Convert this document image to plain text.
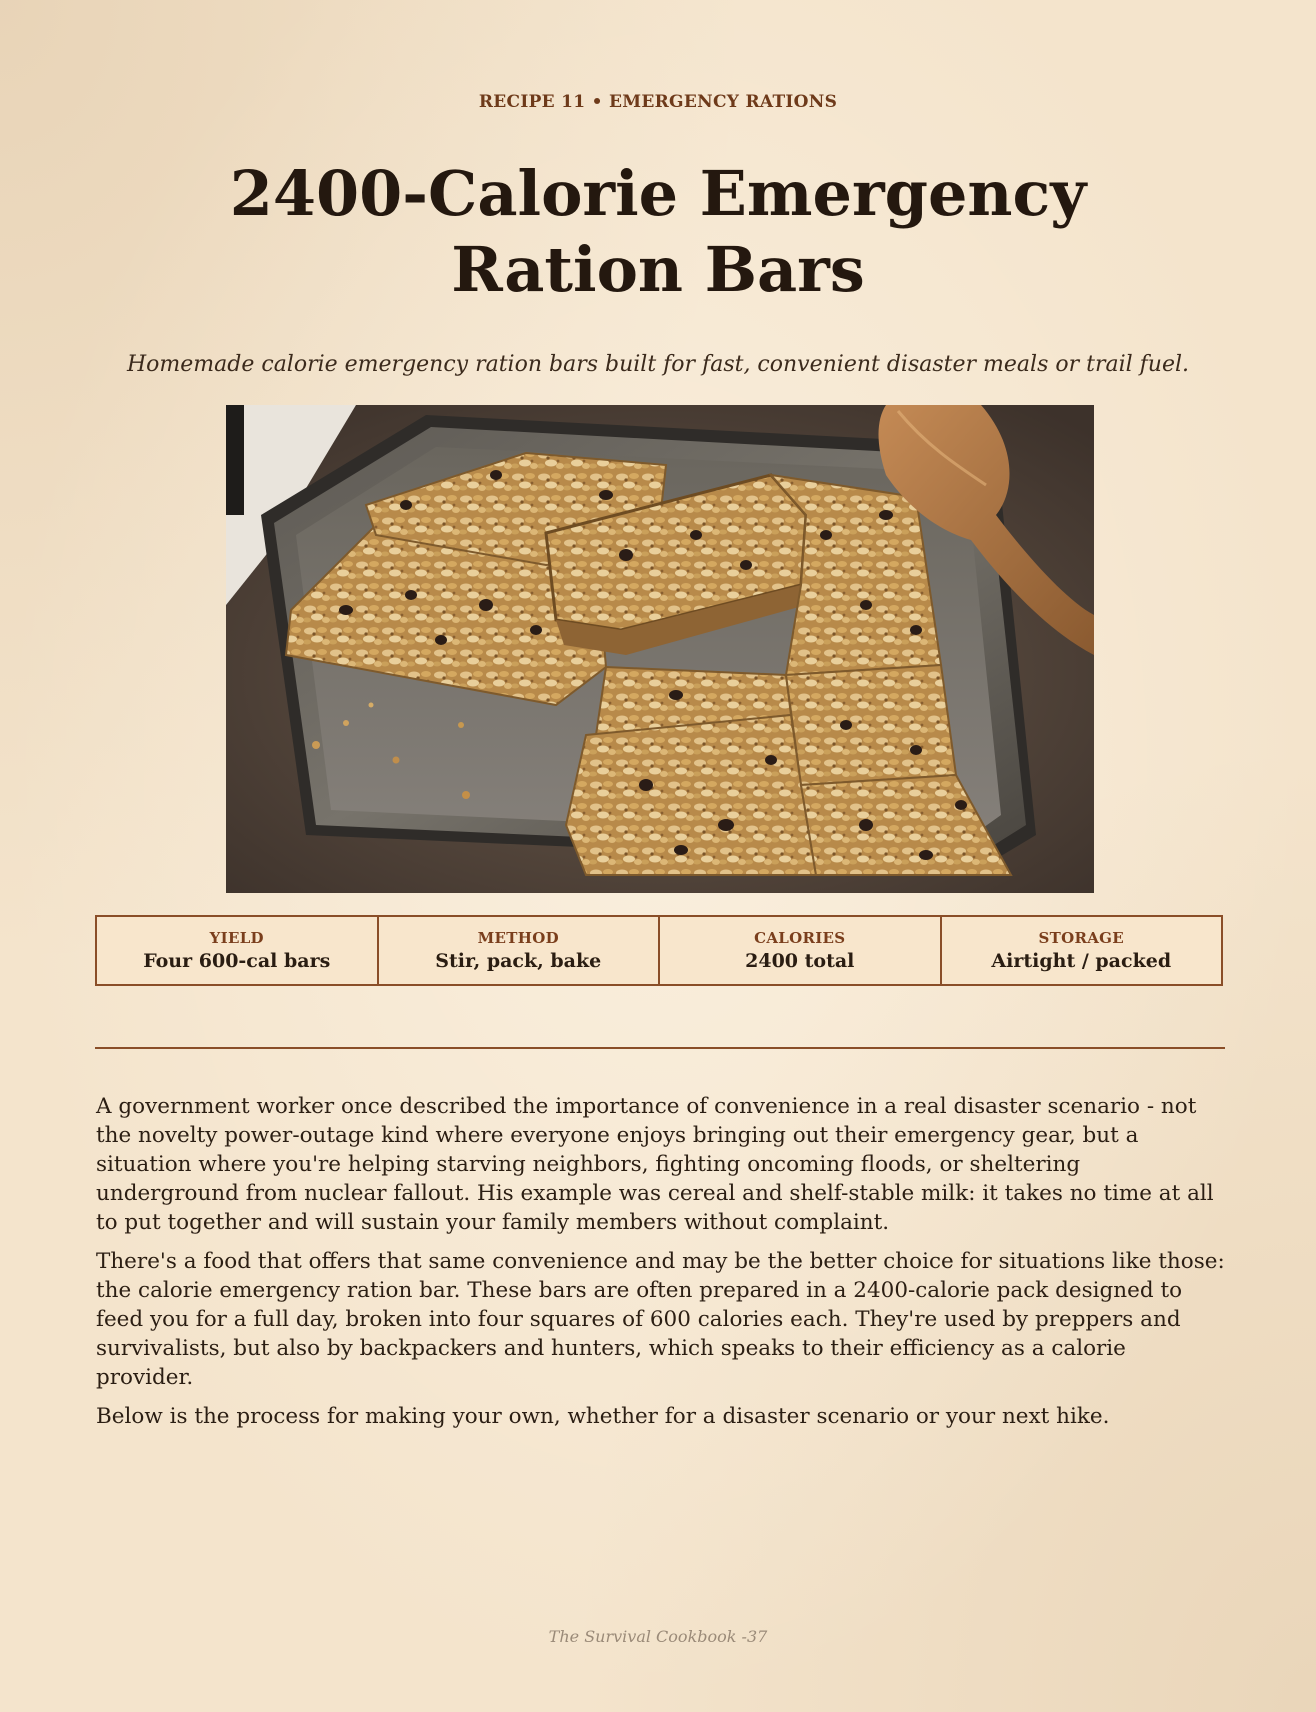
RECIPE 11 • EMERGENCY RATIONS
2400-Calorie Emergency Ration Bars
Homemade calorie emergency ration bars built for fast, convenient disaster meals or trail fuel.
YIELD
Four 600-cal bars
METHOD
Stir, pack, bake
CALORIES
2400 total
STORAGE
Airtight / packed

A government worker once described the importance of convenience in a real disaster scenario - not the novelty power-outage kind where everyone enjoys bringing out their emergency gear, but a situation where you're helping starving neighbors, fighting oncoming floods, or sheltering underground from nuclear fallout. His example was cereal and shelf-stable milk: it takes no time at all to put together and will sustain your family members without complaint.

There's a food that offers that same convenience and may be the better choice for situations like those: the calorie emergency ration bar. These bars are often prepared in a 2400-calorie pack designed to feed you for a full day, broken into four squares of 600 calories each. They're used by preppers and survivalists, but also by backpackers and hunters, which speaks to their efficiency as a calorie provider.

Below is the process for making your own, whether for a disaster scenario or your next hike.

The Survival Cookbook -37
